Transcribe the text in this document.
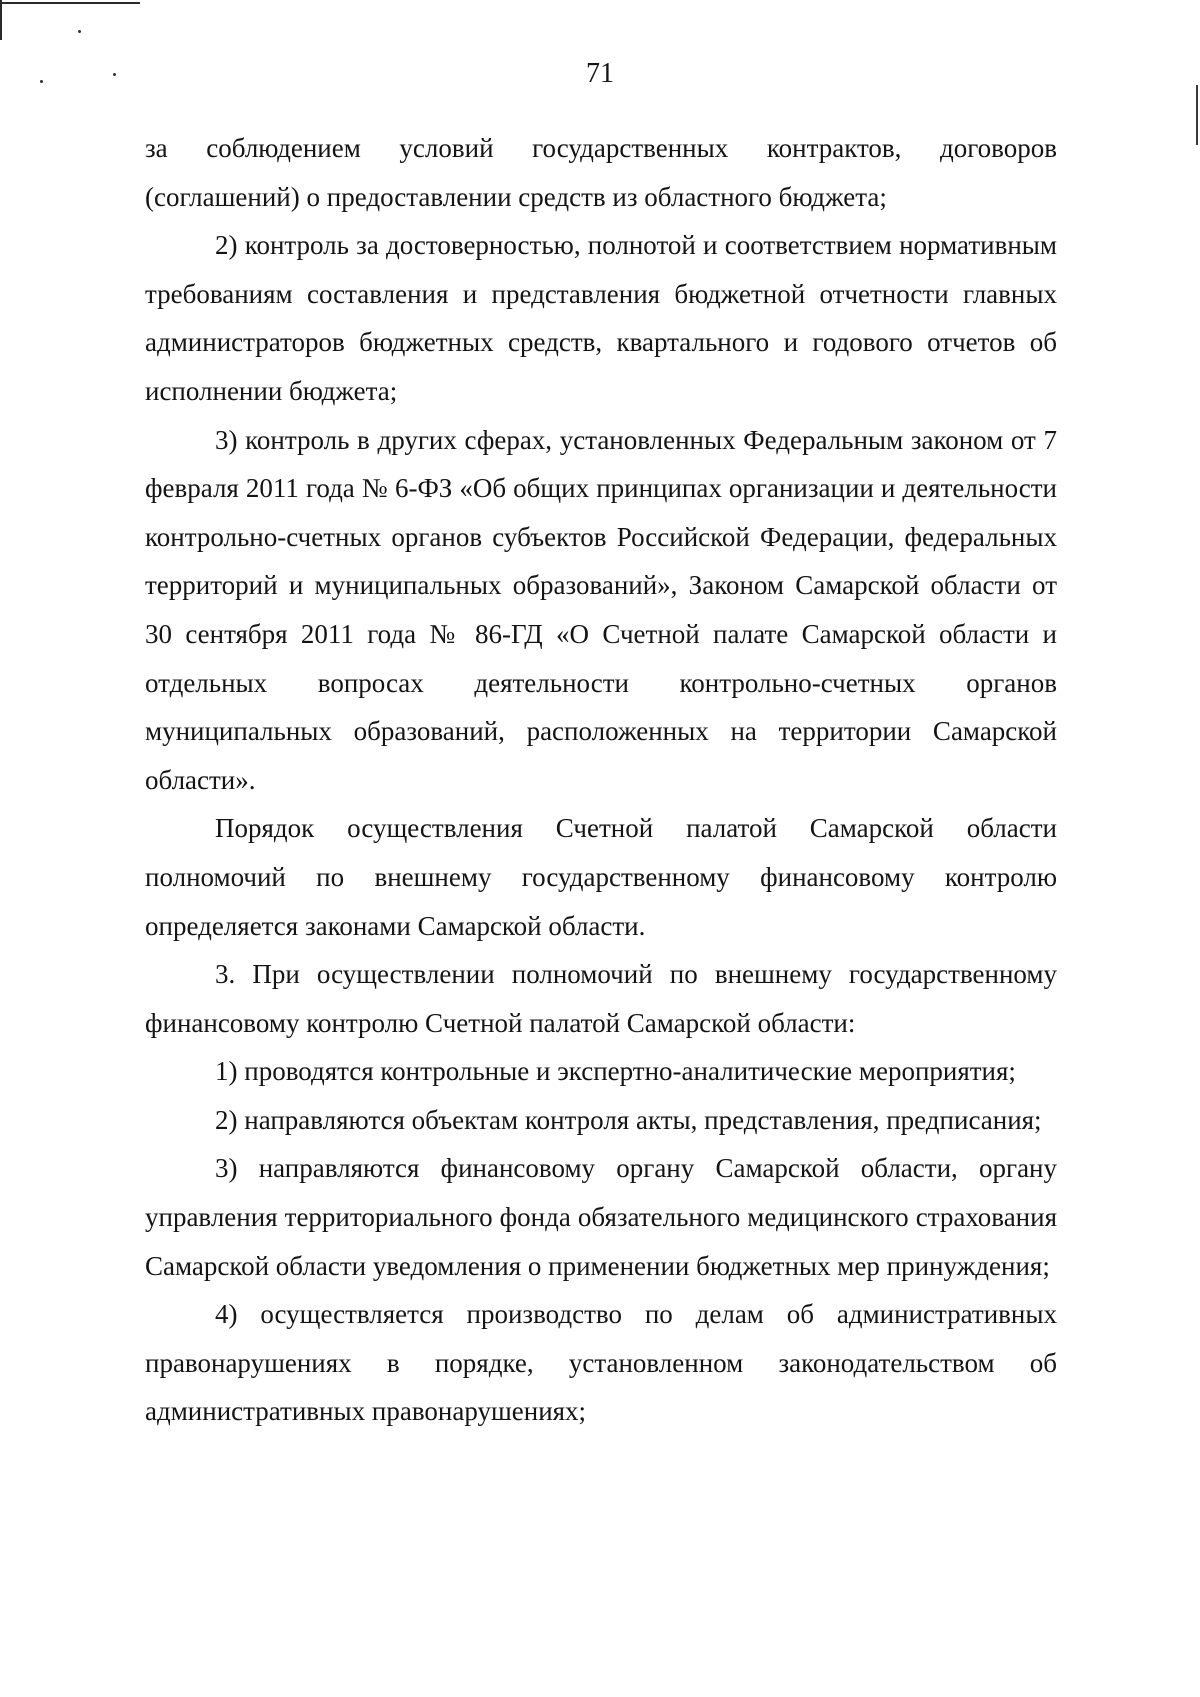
71

за соблюдением условий государственных контрактов, договоров (соглашений) о предоставлении средств из областного бюджета;

2) контроль за достоверностью, полнотой и соответствием нормативным требованиям составления и представления бюджетной отчетности главных администраторов бюджетных средств, квартального и годового отчетов об исполнении бюджета;

3) контроль в других сферах, установленных Федеральным законом от 7 февраля 2011 года № 6-ФЗ «Об общих принципах организации и деятельности контрольно-счетных органов субъектов Российской Федерации, федеральных территорий и муниципальных образований», Законом Самарской области от 30 сентября 2011 года № 86-ГД «О Счетной палате Самарской области и отдельных вопросах деятельности контрольно-счетных органов муниципальных образований, расположенных на территории Самарской области».

Порядок осуществления Счетной палатой Самарской области полномочий по внешнему государственному финансовому контролю определяется законами Самарской области.

3. При осуществлении полномочий по внешнему государственному финансовому контролю Счетной палатой Самарской области:

1) проводятся контрольные и экспертно-аналитические мероприятия;

2) направляются объектам контроля акты, представления, предписания;

3) направляются финансовому органу Самарской области, органу управления территориального фонда обязательного медицинского страхования Самарской области уведомления о применении бюджетных мер принуждения;

4) осуществляется производство по делам об административных правонарушениях в порядке, установленном законодательством об административных правонарушениях;
